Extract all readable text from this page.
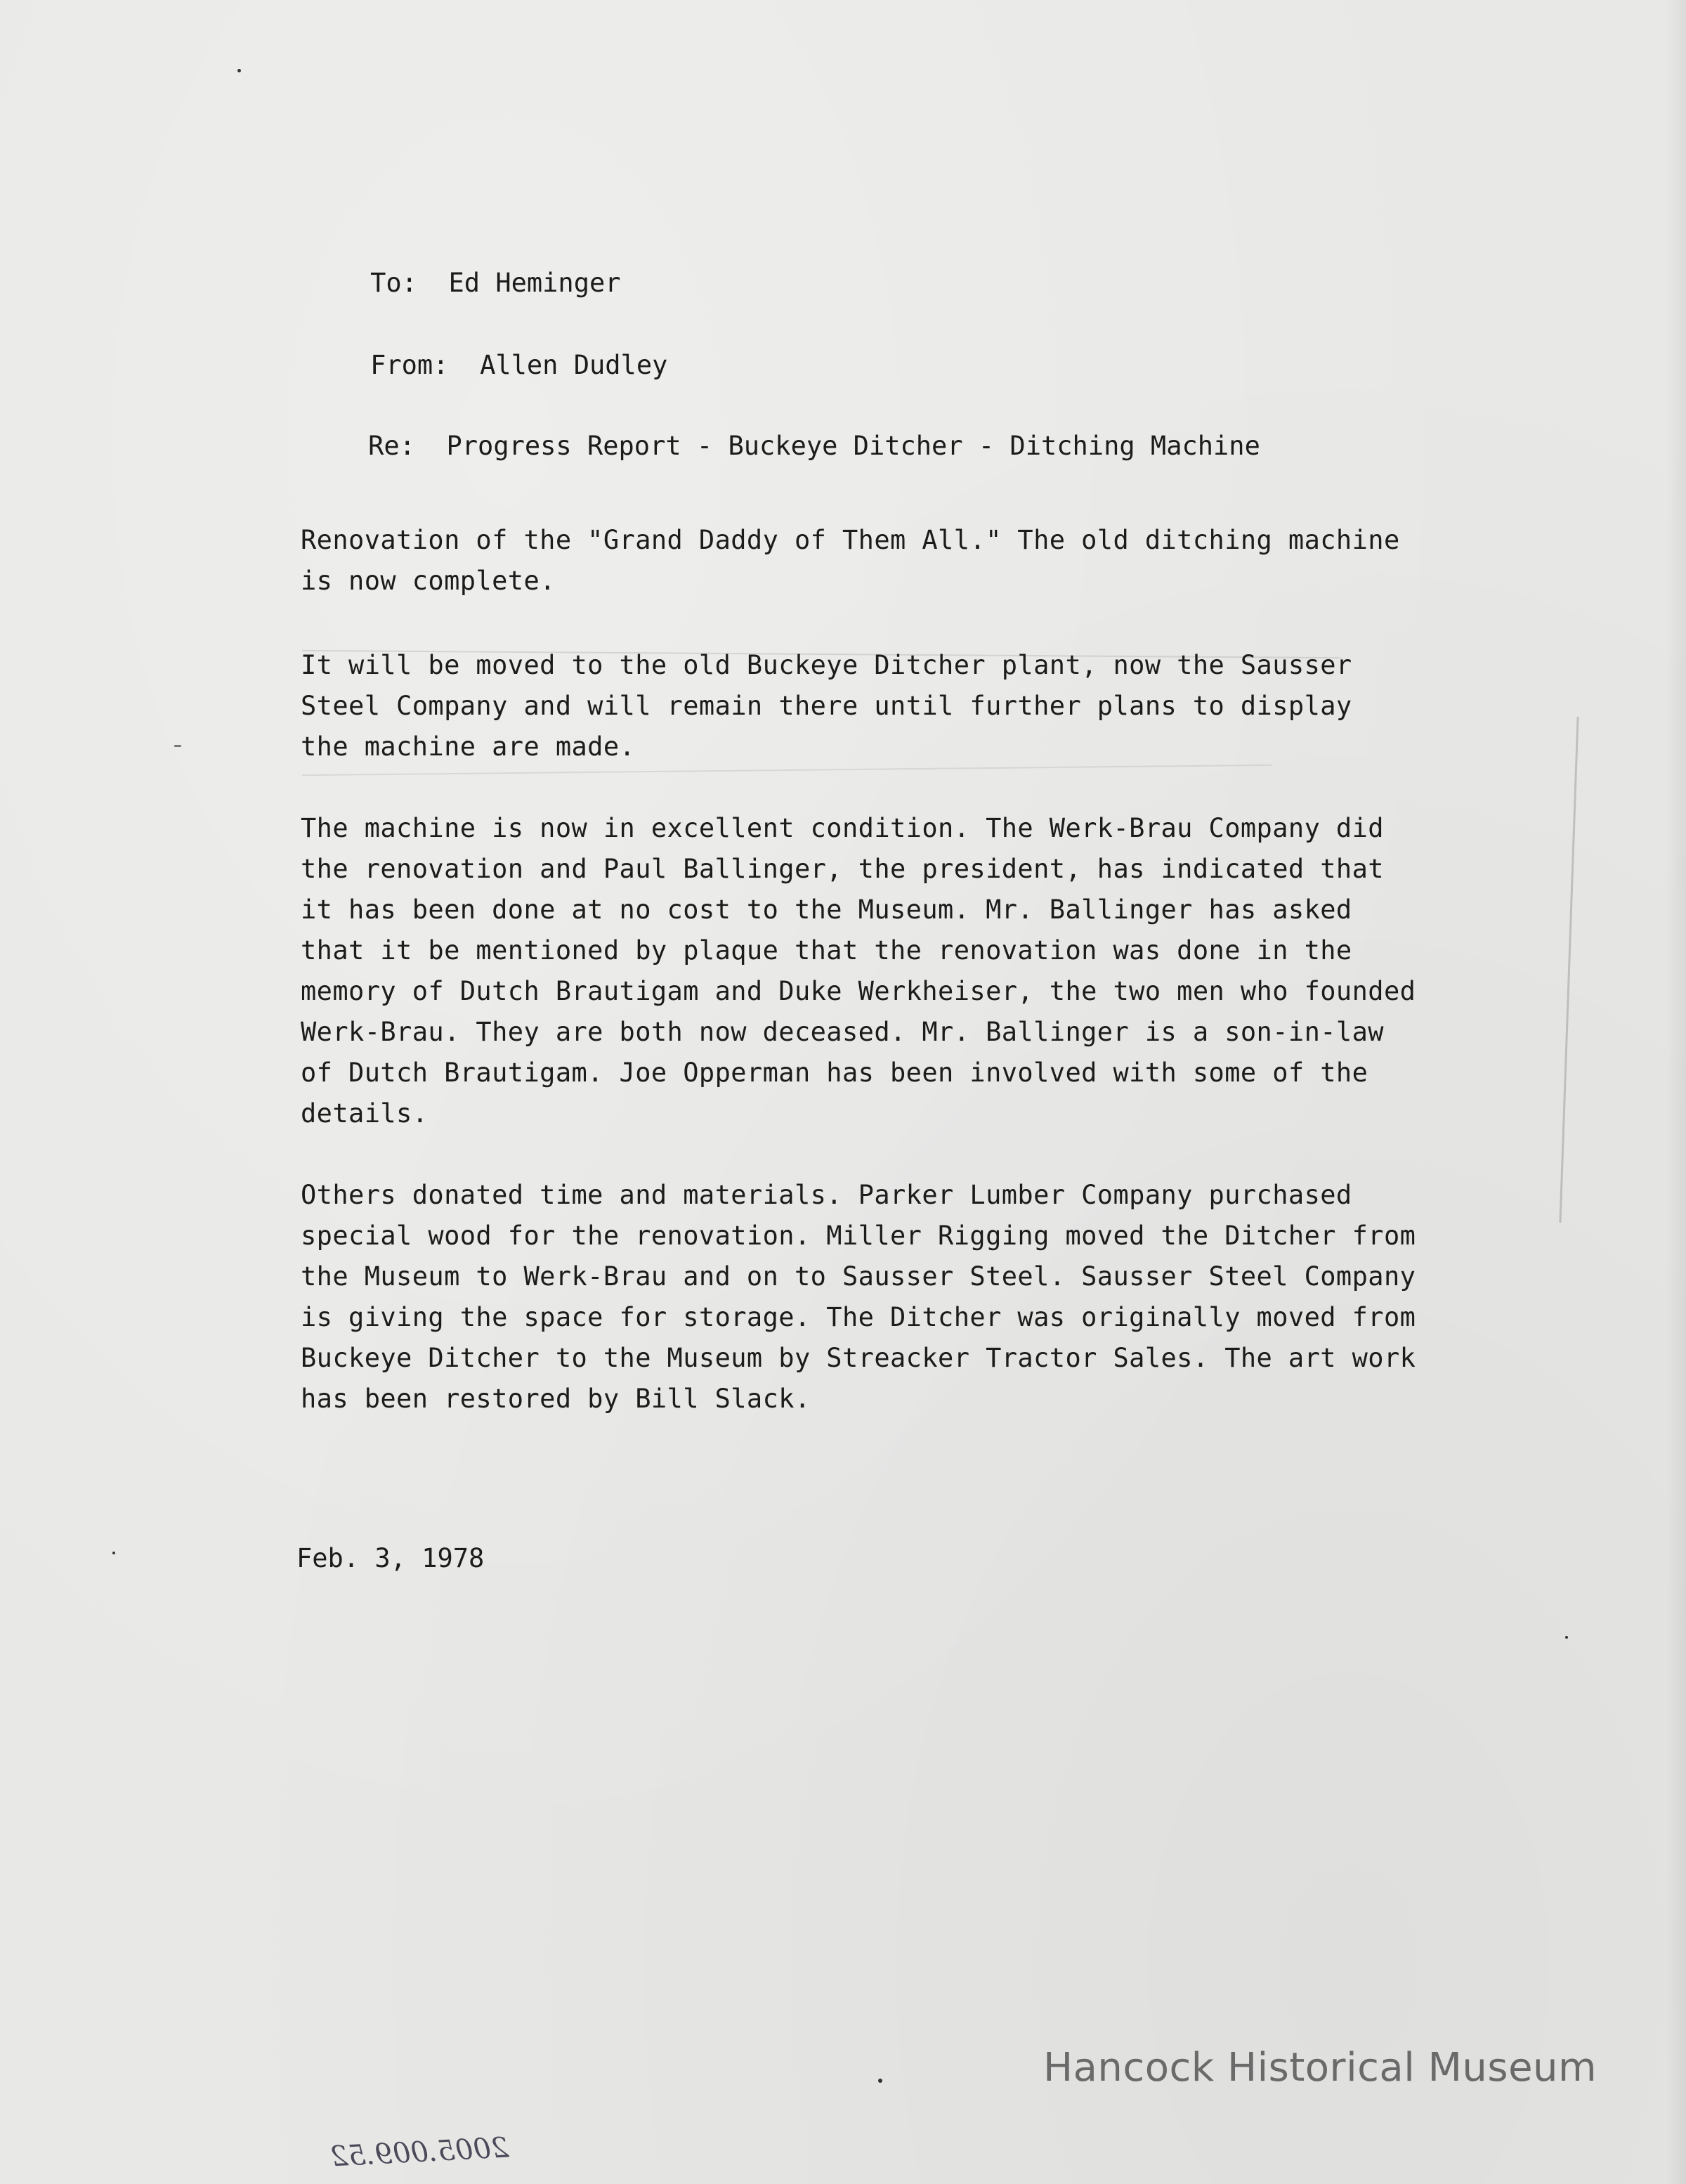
To: Ed Heminger

From: Allen Dudley

Re: Progress Report - Buckeye Ditcher - Ditching Machine

Renovation of the "Grand Daddy of Them All." The old ditching machine
is now complete.
It will be moved to the old Buckeye Ditcher plant, now the Sausser
Steel Company and will remain there until further plans to display
the machine are made.
The machine is now in excellent condition. The Werk-Brau Company did
the renovation and Paul Ballinger, the president, has indicated that
it has been done at no cost to the Museum. Mr. Ballinger has asked
that it be mentioned by plaque that the renovation was done in the
memory of Dutch Brautigam and Duke Werkheiser, the two men who founded
Werk-Brau. They are both now deceased. Mr. Ballinger is a son-in-law
of Dutch Brautigam. Joe Opperman has been involved with some of the
details.
Others donated time and materials. Parker Lumber Company purchased
special wood for the renovation. Miller Rigging moved the Ditcher from
the Museum to Werk-Brau and on to Sausser Steel. Sausser Steel Company
is giving the space for storage. The Ditcher was originally moved from
Buckeye Ditcher to the Museum by Streacker Tractor Sales. The art work
has been restored by Bill Slack.
Feb. 3, 1978
Hancock Historical Museum
2005.009.52
